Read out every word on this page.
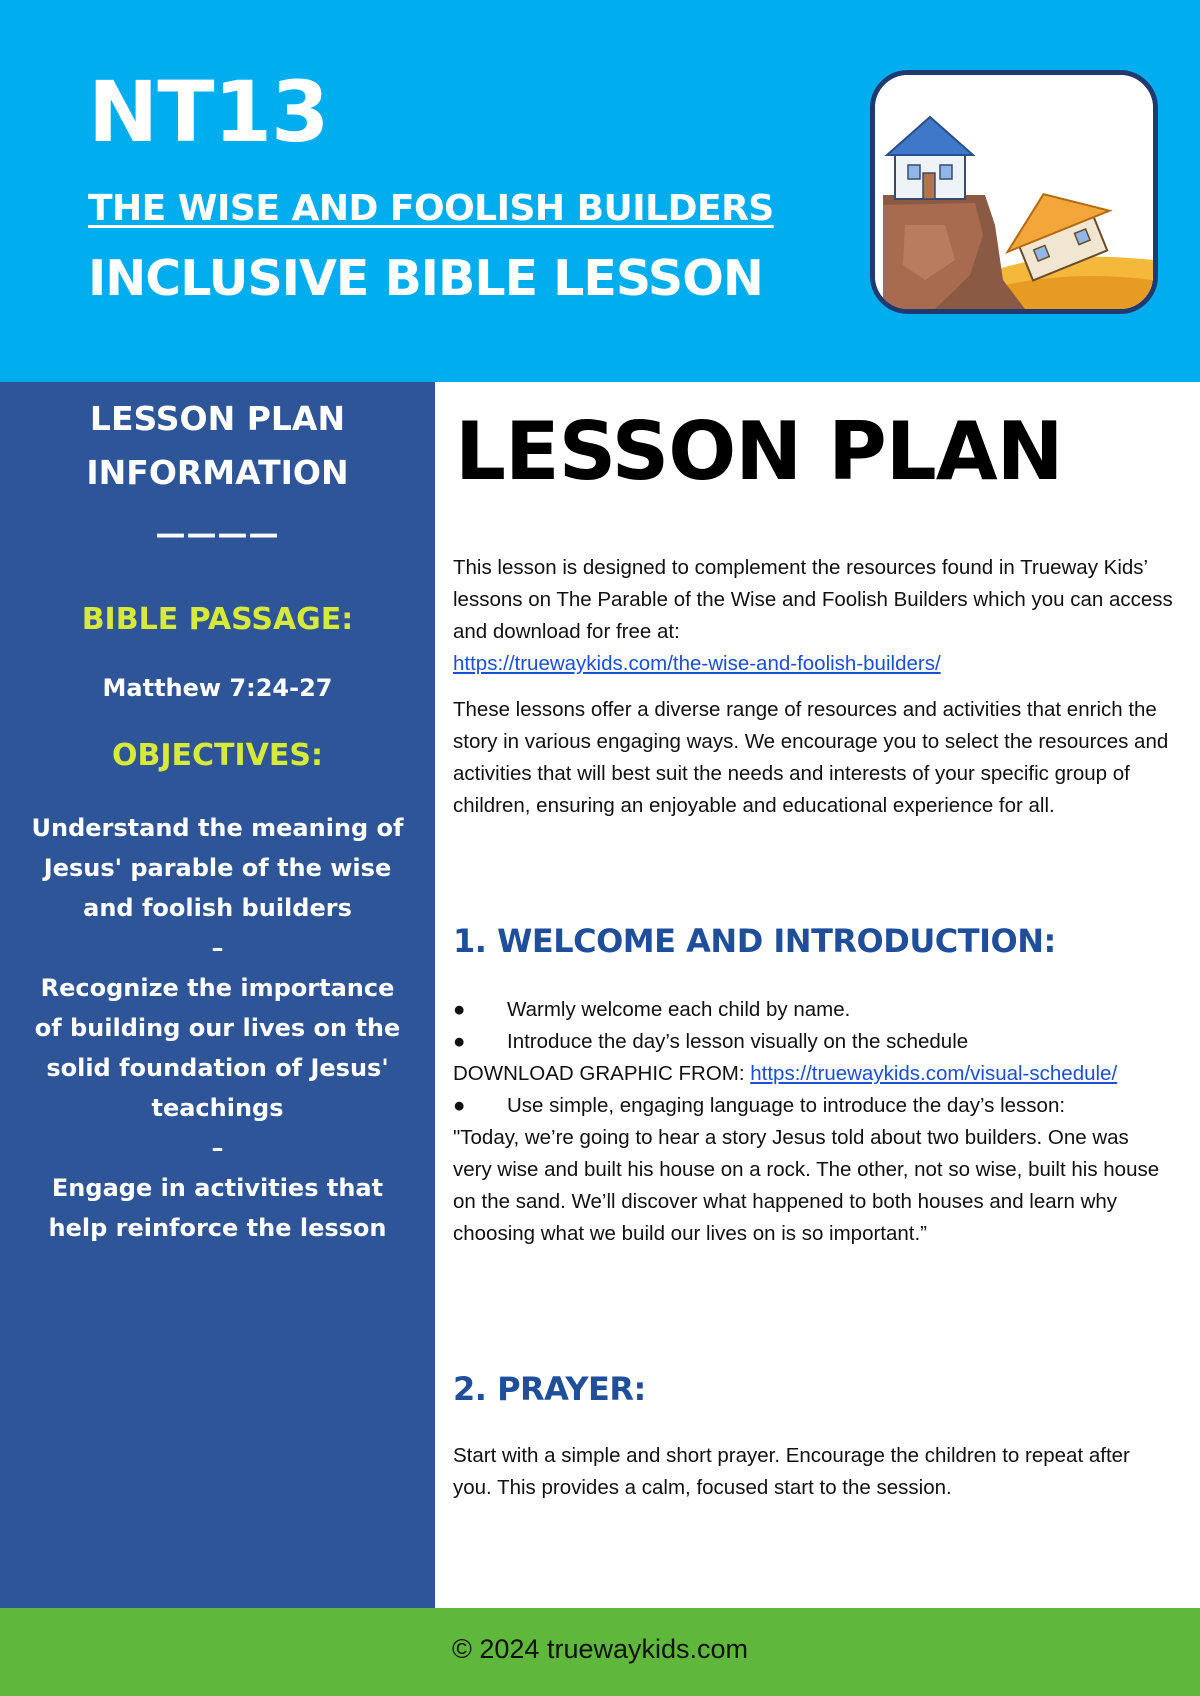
NT13
THE WISE AND FOOLISH BUILDERS
INCLUSIVE BIBLE LESSON
LESSON PLAN
INFORMATION
————
BIBLE PASSAGE:
Matthew 7:24-27
OBJECTIVES:
Understand the meaning of Jesus' parable of the wise and foolish builders
–
Recognize the importance of building our lives on the solid foundation of Jesus' teachings
–
Engage in activities that help reinforce the lesson
LESSON PLAN
This lesson is designed to complement the resources found in Trueway Kids’ lessons on The Parable of the Wise and Foolish Builders which you can access and download for free at:
https://truewaykids.com/the-wise-and-foolish-builders/
These lessons offer a diverse range of resources and activities that enrich the story in various engaging ways. We encourage you to select the resources and activities that will best suit the needs and interests of your specific group of children, ensuring an enjoyable and educational experience for all.
1. WELCOME AND INTRODUCTION:
● Warmly welcome each child by name.
● Introduce the day’s lesson visually on the schedule
DOWNLOAD GRAPHIC FROM: https://truewaykids.com/visual-schedule/
● Use simple, engaging language to introduce the day’s lesson:
"Today, we’re going to hear a story Jesus told about two builders. One was very wise and built his house on a rock. The other, not so wise, built his house on the sand. We’ll discover what happened to both houses and learn why choosing what we build our lives on is so important.”
2. PRAYER:
Start with a simple and short prayer. Encourage the children to repeat after you. This provides a calm, focused start to the session.
© 2024 truewaykids.com
